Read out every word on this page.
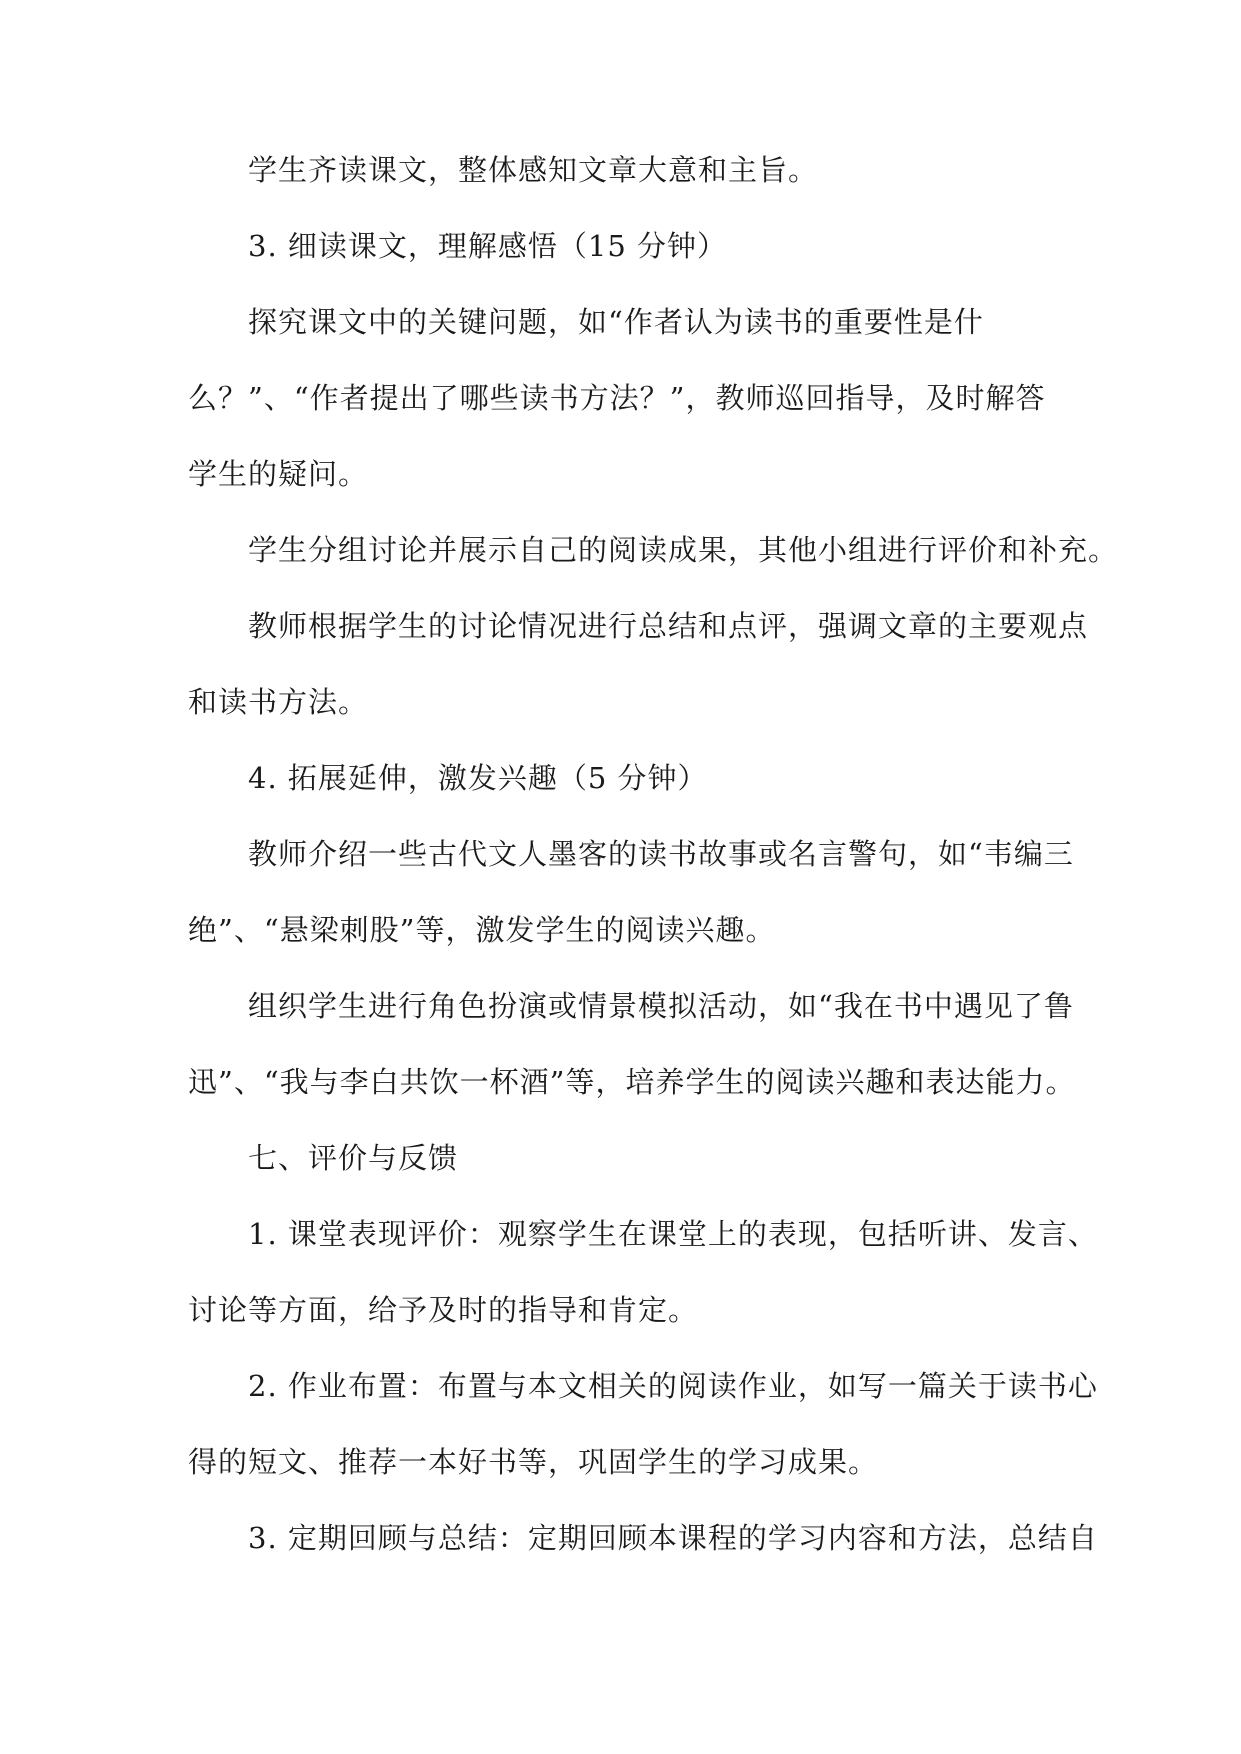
学生齐读课文，整体感知文章大意和主旨。
3. 细读课文，理解感悟（15 分钟）
探究课文中的关键问题，如“作者认为读书的重要性是什
么？”、“作者提出了哪些读书方法？”，教师巡回指导，及时解答
学生的疑问。
学生分组讨论并展示自己的阅读成果，其他小组进行评价和补充。
教师根据学生的讨论情况进行总结和点评，强调文章的主要观点
和读书方法。
4. 拓展延伸，激发兴趣（5 分钟）
教师介绍一些古代文人墨客的读书故事或名言警句，如“韦编三
绝”、“悬梁刺股”等，激发学生的阅读兴趣。
组织学生进行角色扮演或情景模拟活动，如“我在书中遇见了鲁
迅”、“我与李白共饮一杯酒”等，培养学生的阅读兴趣和表达能力。
七、评价与反馈
1. 课堂表现评价：观察学生在课堂上的表现，包括听讲、发言、
讨论等方面，给予及时的指导和肯定。
2. 作业布置：布置与本文相关的阅读作业，如写一篇关于读书心
得的短文、推荐一本好书等，巩固学生的学习成果。
3. 定期回顾与总结：定期回顾本课程的学习内容和方法，总结自
